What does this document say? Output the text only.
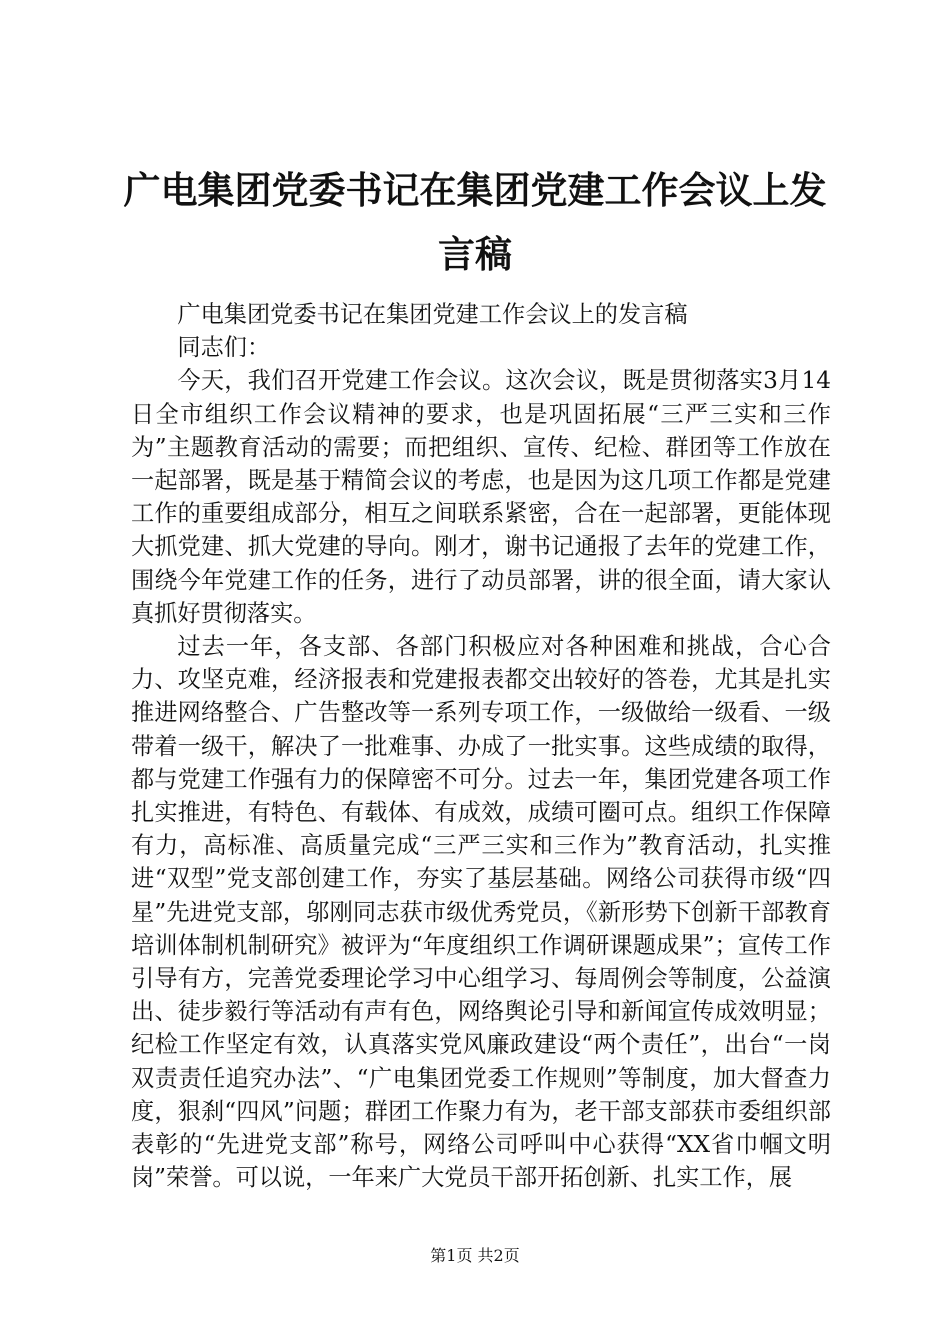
广电集团党委书记在集团党建工作会议上发言稿

广电集团党委书记在集团党建工作会议上的发言稿

同志们：

今天，我们召开党建工作会议。这次会议，既是贯彻落实3月14日全市组织工作会议精神的要求，也是巩固拓展“三严三实和三作为”主题教育活动的需要；而把组织、宣传、纪检、群团等工作放在一起部署，既是基于精简会议的考虑，也是因为这几项工作都是党建工作的重要组成部分，相互之间联系紧密，合在一起部署，更能体现大抓党建、抓大党建的导向。刚才，谢书记通报了去年的党建工作，围绕今年党建工作的任务，进行了动员部署，讲的很全面，请大家认真抓好贯彻落实。

过去一年，各支部、各部门积极应对各种困难和挑战，合心合力、攻坚克难，经济报表和党建报表都交出较好的答卷，尤其是扎实推进网络整合、广告整改等一系列专项工作，一级做给一级看、一级带着一级干，解决了一批难事、办成了一批实事。这些成绩的取得，都与党建工作强有力的保障密不可分。过去一年，集团党建各项工作扎实推进，有特色、有载体、有成效，成绩可圈可点。组织工作保障有力，高标准、高质量完成“三严三实和三作为”教育活动，扎实推进“双型”党支部创建工作，夯实了基层基础。网络公司获得市级“四星”先进党支部，邬刚同志获市级优秀党员，《新形势下创新干部教育培训体制机制研究》被评为“年度组织工作调研课题成果”；宣传工作引导有方，完善党委理论学习中心组学习、每周例会等制度，公益演出、徒步毅行等活动有声有色，网络舆论引导和新闻宣传成效明显；纪检工作坚定有效，认真落实党风廉政建设“两个责任”，出台“一岗双责责任追究办法”、“广电集团党委工作规则”等制度，加大督查力度，狠刹“四风”问题；群团工作聚力有为，老干部支部获市委组织部表彰的“先进党支部”称号，网络公司呼叫中心获得“XX省巾帼文明岗”荣誉。可以说，一年来广大党员干部开拓创新、扎实工作，展

第1页 共2页
